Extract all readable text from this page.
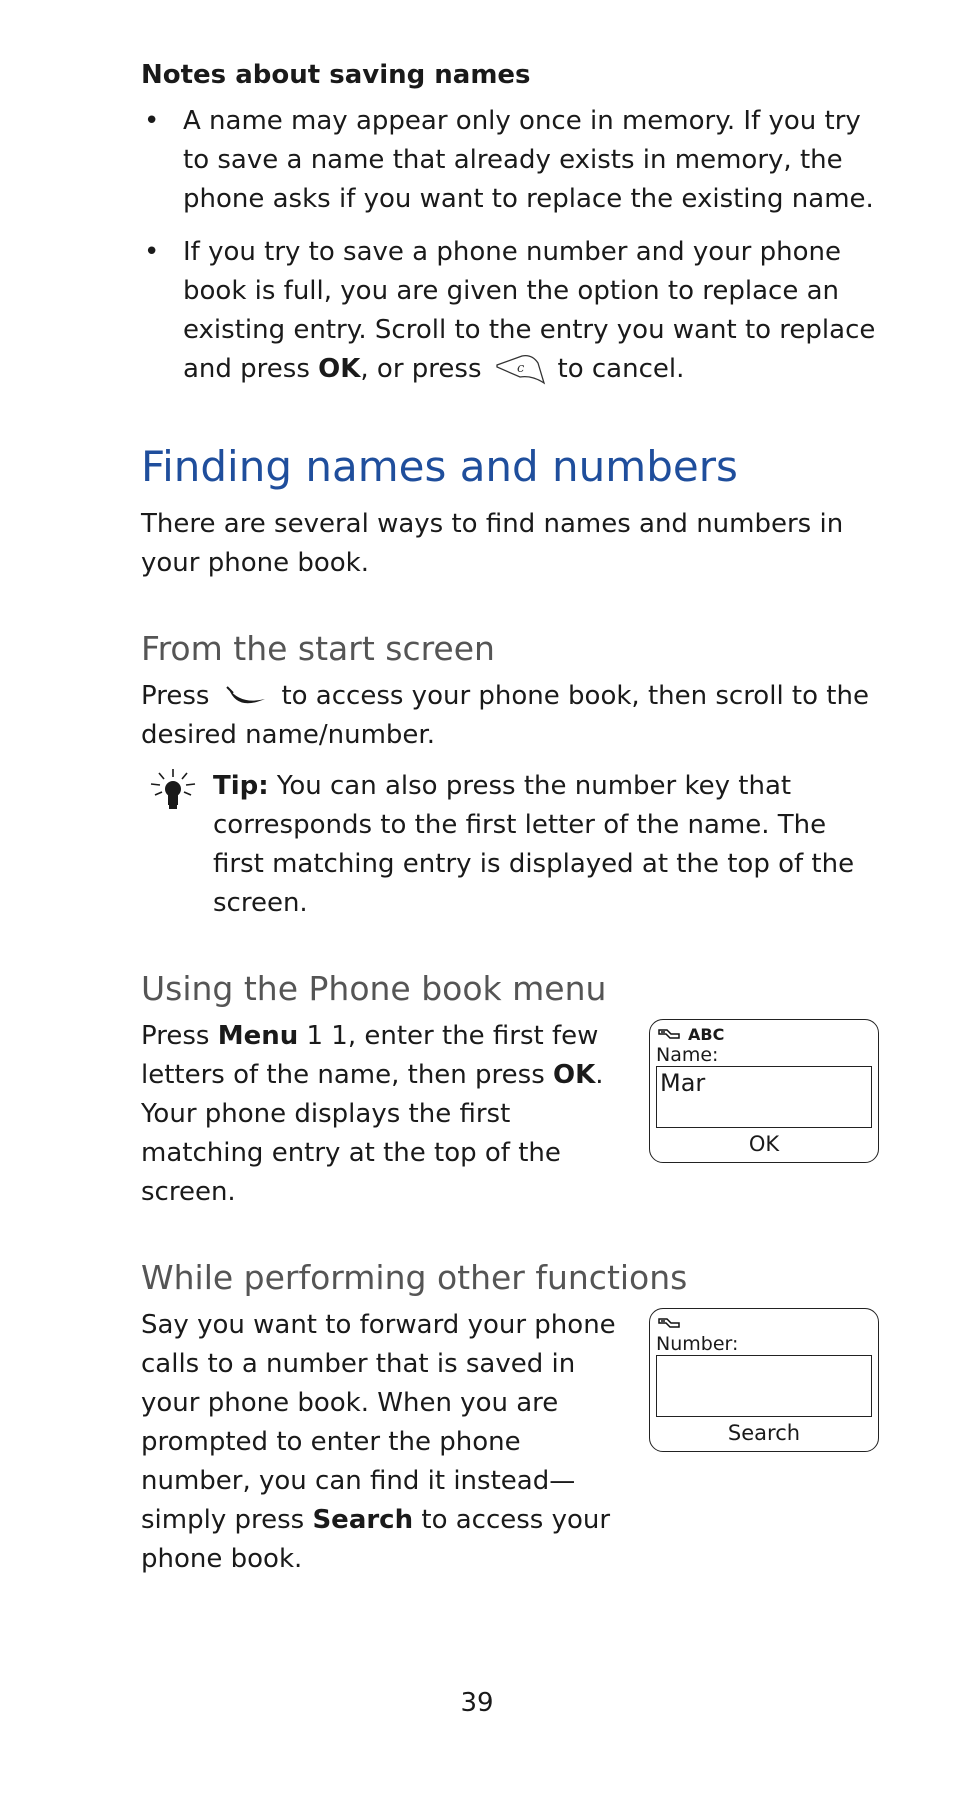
Notes about saving names
• A name may appear only once in memory. If you try to save a name that already exists in memory, the phone asks if you want to replace the existing name.
• If you try to save a phone number and your phone book is full, you are given the option to replace an existing entry. Scroll to the entry you want to replace and press OK, or press	c to cancel.
Finding names and numbers

There are several ways to find names and numbers in your phone book.

From the start screen

Press	to access your phone book, then scroll to the desired name/number.

Tip: You can also press the number key that corresponds to the first letter of the name. The first matching entry is displayed at the top of the screen.
Using the Phone book menu

Press Menu 1 1, enter the first few letters of the name, then press OK. Your phone displays the first matching entry at the top of the screen.

ABC
Name:
Mar
OK
While performing other functions

Say you want to forward your phone calls to a number that is saved in your phone book. When you are prompted to enter the phone number, you can find it instead—simply press Search to access your phone book.

Number:
Search
39
